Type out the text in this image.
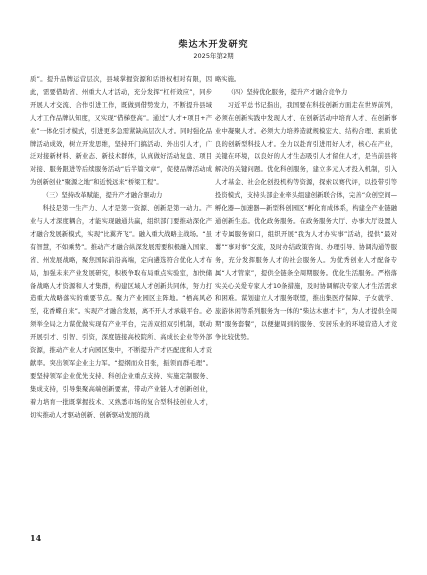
柴达木开发研究
2025年第2期

质”。提升品牌运营层次，县域掌握资源和话语权相对有限，因此，需要借助省、州重大人才活动，充分发挥“杠杆效应”，同步开展人才交流、合作引进工作，既做到借势发力，不断提升县域人才工作品牌认知度，又实现“借梯登高”。通过“人才+项目+产业”一体化引才模式，引进更多急需紧缺高层次人才。同时强化品牌活动成效，树立开发思维，坚持开门搞活动、外出引人才，广泛对接新材料、新业态、新技术群体，认真做好活动复盘、项目对接、服务跟进等后续服务活动“后半篇文章”，促使品牌活动成为创新创业“聚源之地”和近悦远来“桥梁工程”。

（三）坚持改革赋能，提升产才融合驱动力

科技是第一生产力、人才是第一资源、创新是第一动力。产业与人才深度耦合，才能实现融通共赢，组织部门要推动深化产才融合发展新模式，实现“比翼齐飞”。融入重大战略主战场。“虽有智慧，不如乘势”。推动产才融合纵深发展需要积极融入国家、省、州发展战略，聚焦国际前沿高端，定向遴选符合优化人才布局，加强未来产业发展研究，积极争取布局重点实验室，加快储备战略人才资源和人才集群，构建区域人才创新共同体，努力打造重大战略落实的重要节点。聚力产业园区主阵地。“栖高风必至，花香蝶自来”。实现产才融合发展，离不开人才承载平台。必须举全局之力谋优做实现有产业平台，完善双招双引机制，联动开展引才、引智、引资，深度链接高校院所、高成长企业等外部资源，推动产业人才向园区集中，不断提升产才匹配度和人才贡献率。突出领军企业主力军。“提纲而众目张，振领而群毛理”。要坚持领军企业优先支持、科创企业重点支持、实施定制服务、集成支持，引导集聚高端创新要素，带动产业链人才创新创业，着力培育一批既掌握技术、又熟悉市场的复合型科技创业人才，切实推动人才驱动创新、创新驱动发展的战

略实施。

（四）坚持优化服务，提升产才融合竞争力

习近平总书记指出，我国要在科技创新方面走在世界前列，必须在创新实践中发现人才、在创新活动中培育人才、在创新事业中凝聚人才。必须大力培养造就规模宏大、结构合理、素质优良的创新型科技人才。全力以赴育引进用好人才，核心在产业，关键在环境，以良好的人才生态吸引人才留住人才，是当前县将解决的关键问题。优化科创服务，建立多元人才投入机制，引入人才基金、社会化创投机构等资源，探索以赛代评，以投带引等投资模式，支持头部企业牵头组建创新联合体，完善“众创空间—孵化器—加速器—新型科创园区”孵化育成体系，构建全产业链融通创新生态。优化政务服务。在政务服务大厅、办事大厅设置人才专属服务窗口，组织开展“我为人才办实事”活动，提供“最对薯”“事对事”交流，及时办结政策咨询、办理引导、协调沟通等服务，充分发挥服务人才的社会服务人。为优秀创业人才配备专属“人才管家”，提供全链条全周期服务。优化生活服务。严格落实关心关爱专家人才10条措施，及时协调解决专家人才生活需求和困难。谋划建立人才服务联盟，推出集医疗保障、子女就学、旅游休闲等系列服务为一体的“柴达木惠才卡”，为人才提供全周期“服务套餐”，以便捷周到的服务、安居乐业的环境营造人才竞争比较优势。

14
